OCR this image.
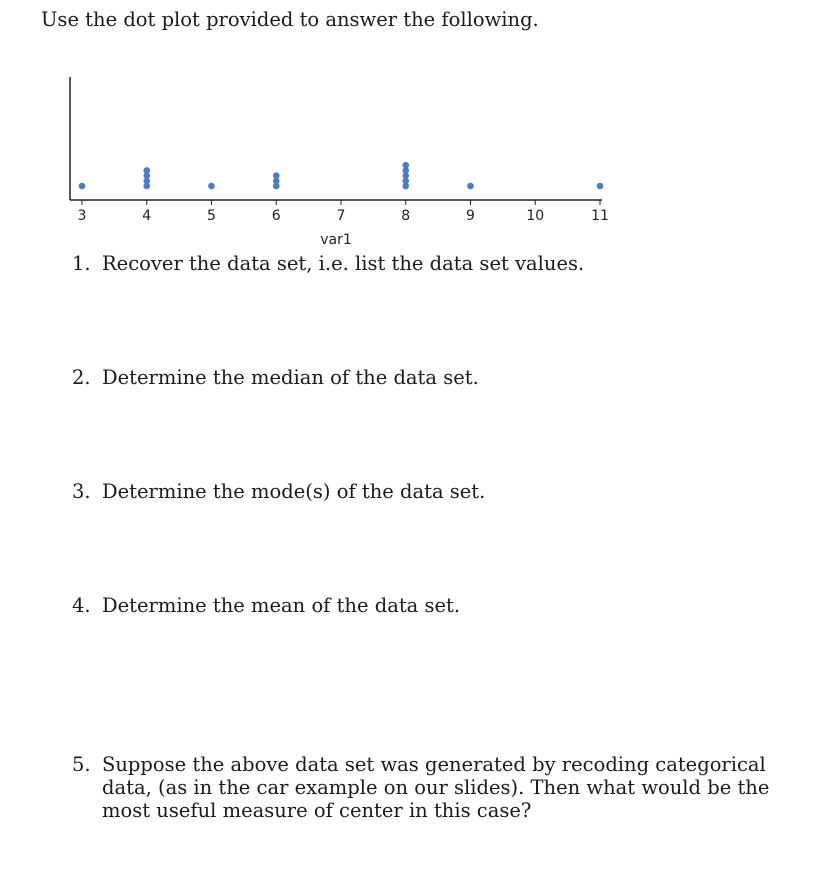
Use the dot plot provided to answer the following.

3	4	5	6	7	8	9	10	11
var1
1. Recover the data set, i.e. list the data set values.
2. Determine the median of the data set.
3. Determine the mode(s) of the data set.
4. Determine the mean of the data set.
5. Suppose the above data set was generated by recoding categorical data, (as in the car example on our slides). Then what would be the most useful measure of center in this case?
